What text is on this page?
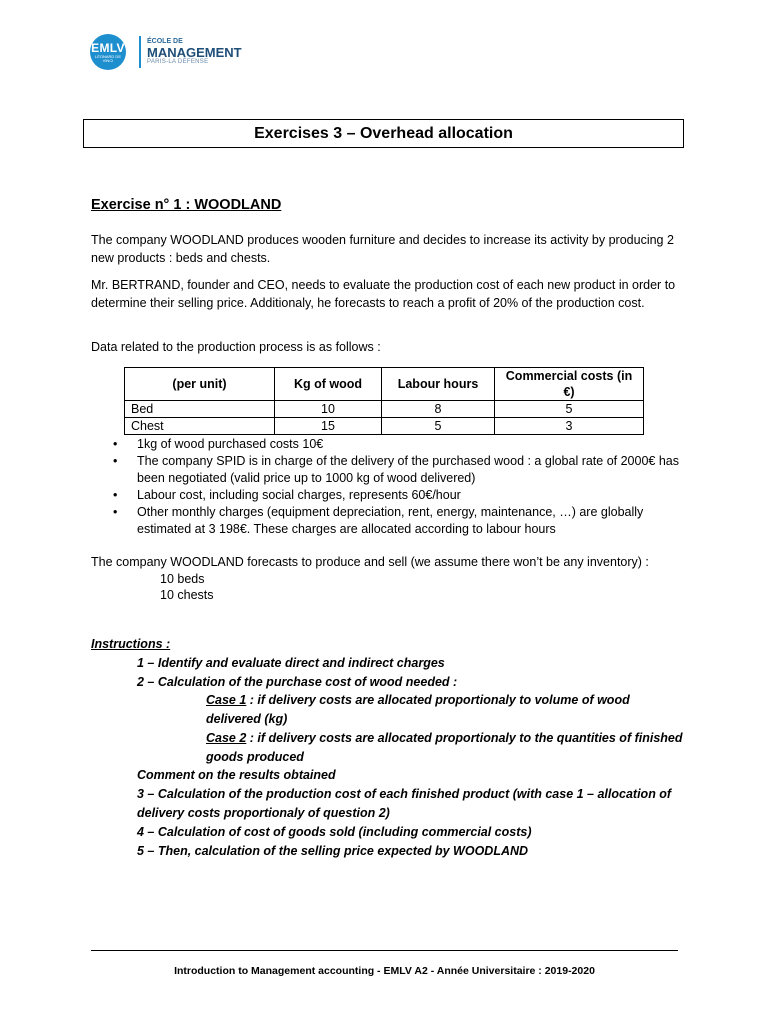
EMLV
LÉONARD DE VINCI
ÉCOLE DE
MANAGEMENT
PARIS-LA DÉFENSE
Exercises 3 – Overhead allocation
Exercise n° 1 : WOODLAND
The company WOODLAND produces wooden furniture and decides to increase its activity by producing 2 new products : beds and chests.
Mr. BERTRAND, founder and CEO, needs to evaluate the production cost of each new product in order to determine their selling price. Additionaly, he forecasts to reach a profit of 20% of the production cost.
Data related to the production process is as follows :
(per unit)	Kg of wood	Labour hours	Commercial costs (in €)
Bed	10	8	5
Chest	15	5	3
• 1kg of wood purchased costs 10€
• The company SPID is in charge of the delivery of the purchased wood : a global rate of 2000€ has been negotiated (valid price up to 1000 kg of wood delivered)
• Labour cost, including social charges, represents 60€/hour
• Other monthly charges (equipment depreciation, rent, energy, maintenance, …) are globally estimated at 3 198€. These charges are allocated according to labour hours
The company WOODLAND forecasts to produce and sell (we assume there won’t be any inventory) :
10 beds
10 chests
Instructions :
1 – Identify and evaluate direct and indirect charges
2 – Calculation of the purchase cost of wood needed :
Case 1 : if delivery costs are allocated proportionaly to volume of wood
delivered (kg)
Case 2 : if delivery costs are allocated proportionaly to the quantities of finished
goods produced
Comment on the results obtained
3 – Calculation of the production cost of each finished product (with case 1 – allocation of delivery costs proportionaly of question 2)
4 – Calculation of cost of goods sold (including commercial costs)
5 – Then, calculation of the selling price expected by WOODLAND
Introduction to Management accounting - EMLV A2 - Année Universitaire : 2019-2020
